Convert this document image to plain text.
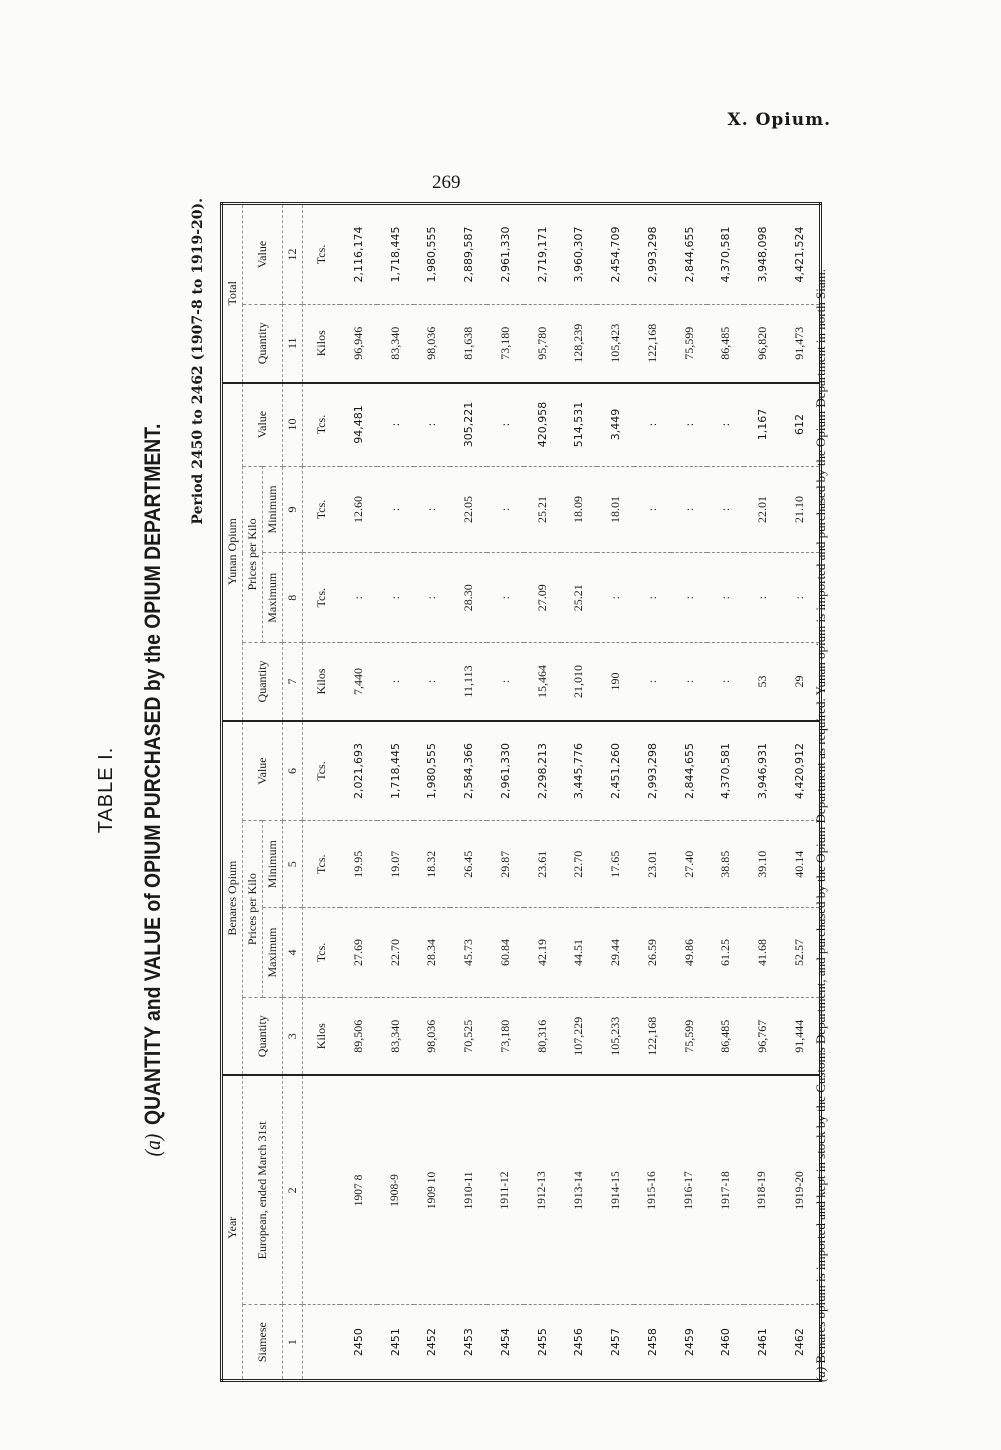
X. Opium.
269
TABLE I.
(a)QUANTITY and VALUE of OPIUM PURCHASED by the OPIUM DEPARTMENT.
Period 2450 to 2462 (1907-8 to 1919-20).
Year		Benares Opium				Yunan Opium				Total	
Siamese	European, ended March 31st	Quantity	Prices per Kilo		Value	Quantity	Prices per Kilo		Value	Quantity	Value
			Maximum	Minimum			Maximum	Minimum			

1	2	3	4	5	6	7	8	9	10	11	12
		Kilos	Tcs.	Tcs.	Tcs.	Kilos	Tcs.	Tcs.	Tcs.	Kilos	Tcs.
2450	1907 8	89,506	27.69	19.95	2,021,693	7,440	:	12.60	94,481	96,946	2,116,174
2451	1908-9	83,340	22.70	19.07	1,718,445	:	:	:	:	83,340	1,718,445
2452	1909 10	98,036	28.34	18.32	1,980,555	:	:	:	:	98,036	1,980,555
2453	1910-11	70,525	45.73	26.45	2,584,366	11,113	28.30	22.05	305,221	81,638	2,889,587
2454	1911-12	73,180	60.84	29.87	2,961,330	:	:	:	:	73,180	2,961,330
2455	1912-13	80,316	42.19	23.61	2,298,213	15,464	27.09	25.21	420,958	95,780	2,719,171
2456	1913-14	107,229	44.51	22.70	3,445,776	21,010	25.21	18.09	514,531	128,239	3,960,307
2457	1914-15	105,233	29.44	17.65	2,451,260	190	:	18.01	3,449	105,423	2,454,709
2458	1915-16	122,168	26.59	23.01	2,993,298	:	:	:	:	122,168	2,993,298
2459	1916-17	75,599	49.86	27.40	2,844,655	:	:	:	:	75,599	2,844,655
2460	1917-18	86,485	61.25	38.85	4,370,581	:	:	:	:	86,485	4,370,581
2461	1918-19	96,767	41.68	39.10	3,946,931	53	:	22.01	1,167	96,820	3,948,098
2462	1919-20	91,444	52.57	40.14	4,420,912	29	:	21.10	612	91,473	4,421,524
(a) Benares opium is imported and kept in stock by the Customs Department, and purchased by the Opium Department as required. Yunan opium is imported and purchased by the Opium Department in north Siam.
